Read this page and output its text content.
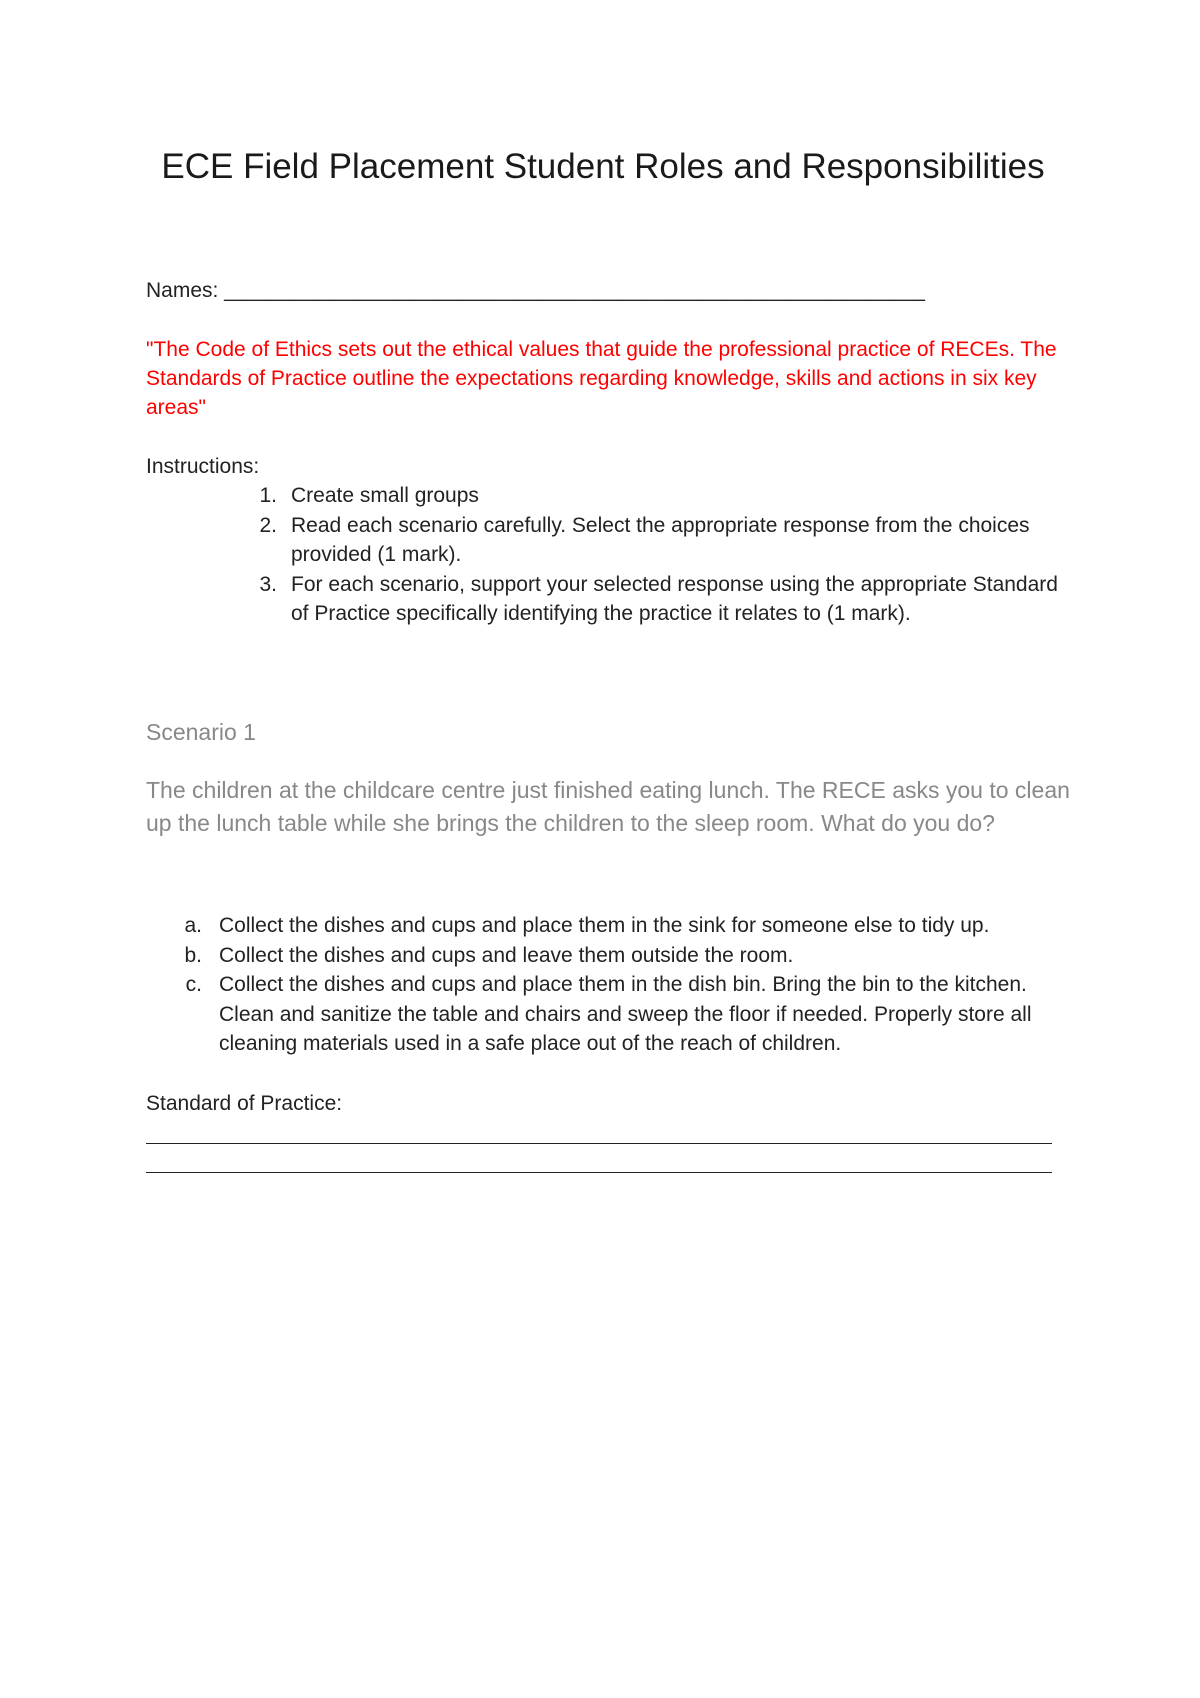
ECE Field Placement Student Roles and Responsibilities
Names: ____________________________________________________________
"The Code of Ethics sets out the ethical values that guide the professional practice of RECEs. The Standards of Practice outline the expectations regarding knowledge, skills and actions in six key areas"
Instructions:
1. Create small groups
2. Read each scenario carefully. Select the appropriate response from the choices provided (1 mark).
3. For each scenario, support your selected response using the appropriate Standard of Practice specifically identifying the practice it relates to (1 mark).
Scenario 1
The children at the childcare centre just finished eating lunch. The RECE asks you to clean up the lunch table while she brings the children to the sleep room. What do you do?
a. Collect the dishes and cups and place them in the sink for someone else to tidy up.
b. Collect the dishes and cups and leave them outside the room.
c. Collect the dishes and cups and place them in the dish bin. Bring the bin to the kitchen. Clean and sanitize the table and chairs and sweep the floor if needed. Properly store all cleaning materials used in a safe place out of the reach of children.
Standard of Practice:
